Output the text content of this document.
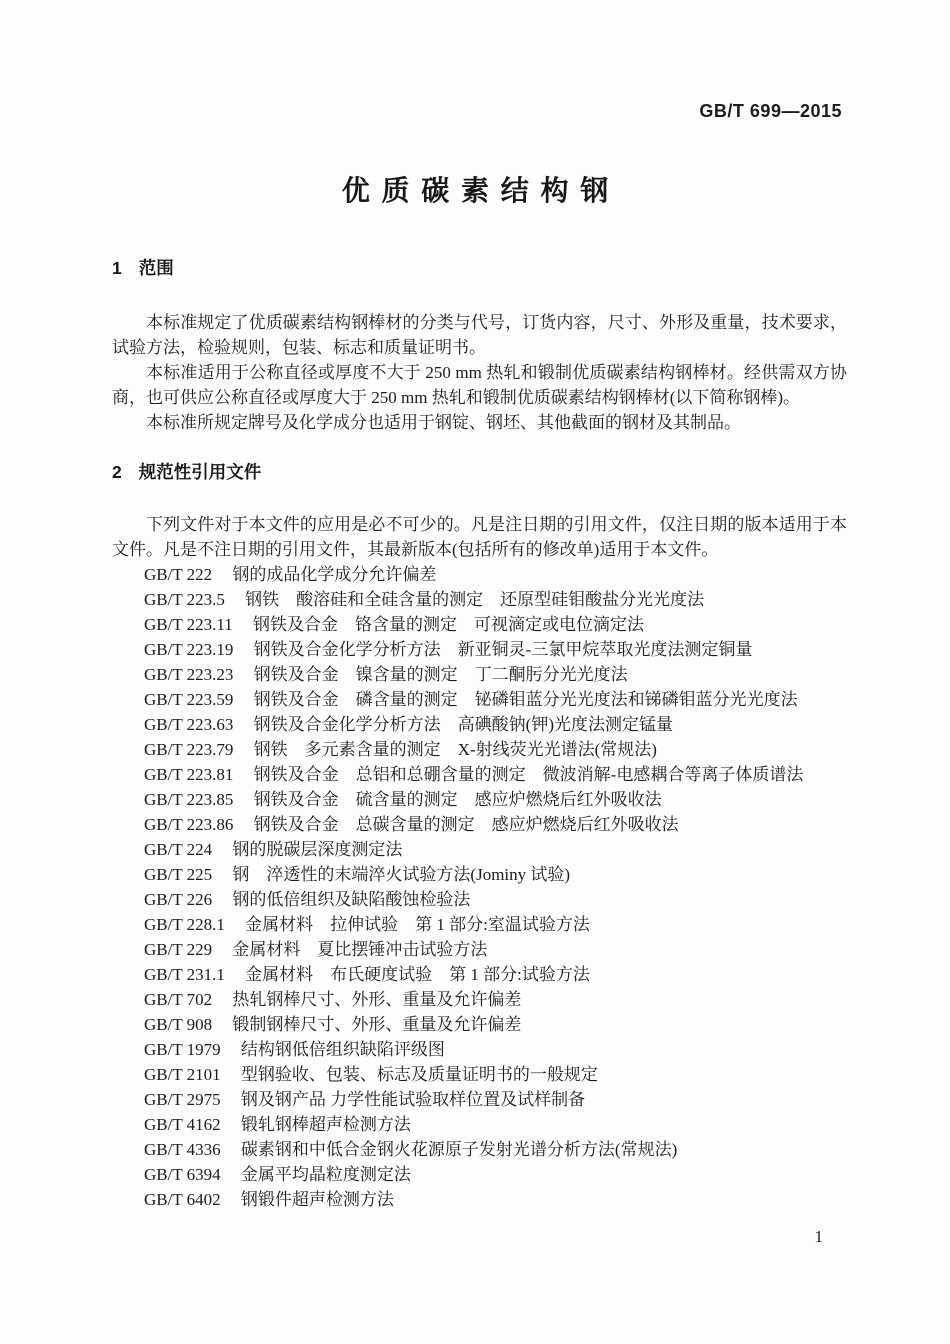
GB/T 699—2015
优质碳素结构钢
1 范围

本标准规定了优质碳素结构钢棒材的分类与代号，订货内容，尺寸、外形及重量，技术要求，试验方法，检验规则，包装、标志和质量证明书。

本标准适用于公称直径或厚度不大于 250 mm 热轧和锻制优质碳素结构钢棒材。经供需双方协商，也可供应公称直径或厚度大于 250 mm 热轧和锻制优质碳素结构钢棒材(以下简称钢棒)。

本标准所规定牌号及化学成分也适用于钢锭、钢坯、其他截面的钢材及其制品。

2 规范性引用文件

下列文件对于本文件的应用是必不可少的。凡是注日期的引用文件，仅注日期的版本适用于本文件。凡是不注日期的引用文件，其最新版本(包括所有的修改单)适用于本文件。

GB/T 222 钢的成品化学成分允许偏差
GB/T 223.5 钢铁　酸溶硅和全硅含量的测定　还原型硅钼酸盐分光光度法
GB/T 223.11 钢铁及合金　铬含量的测定　可视滴定或电位滴定法
GB/T 223.19 钢铁及合金化学分析方法　新亚铜灵-三氯甲烷萃取光度法测定铜量
GB/T 223.23 钢铁及合金　镍含量的测定　丁二酮肟分光光度法
GB/T 223.59 钢铁及合金　磷含量的测定　铋磷钼蓝分光光度法和锑磷钼蓝分光光度法
GB/T 223.63 钢铁及合金化学分析方法　高碘酸钠(钾)光度法测定锰量
GB/T 223.79 钢铁　多元素含量的测定　X-射线荧光光谱法(常规法)
GB/T 223.81 钢铁及合金　总铝和总硼含量的测定　微波消解-电感耦合等离子体质谱法
GB/T 223.85 钢铁及合金　硫含量的测定　感应炉燃烧后红外吸收法
GB/T 223.86 钢铁及合金　总碳含量的测定　感应炉燃烧后红外吸收法
GB/T 224 钢的脱碳层深度测定法
GB/T 225 钢　淬透性的末端淬火试验方法(Jominy 试验)
GB/T 226 钢的低倍组织及缺陷酸蚀检验法
GB/T 228.1 金属材料　拉伸试验　第 1 部分:室温试验方法
GB/T 229 金属材料　夏比摆锤冲击试验方法
GB/T 231.1 金属材料　布氏硬度试验　第 1 部分:试验方法
GB/T 702 热轧钢棒尺寸、外形、重量及允许偏差
GB/T 908 锻制钢棒尺寸、外形、重量及允许偏差
GB/T 1979 结构钢低倍组织缺陷评级图
GB/T 2101 型钢验收、包装、标志及质量证明书的一般规定
GB/T 2975 钢及钢产品 力学性能试验取样位置及试样制备
GB/T 4162 锻轧钢棒超声检测方法
GB/T 4336 碳素钢和中低合金钢火花源原子发射光谱分析方法(常规法)
GB/T 6394 金属平均晶粒度测定法
GB/T 6402 钢锻件超声检测方法
1
